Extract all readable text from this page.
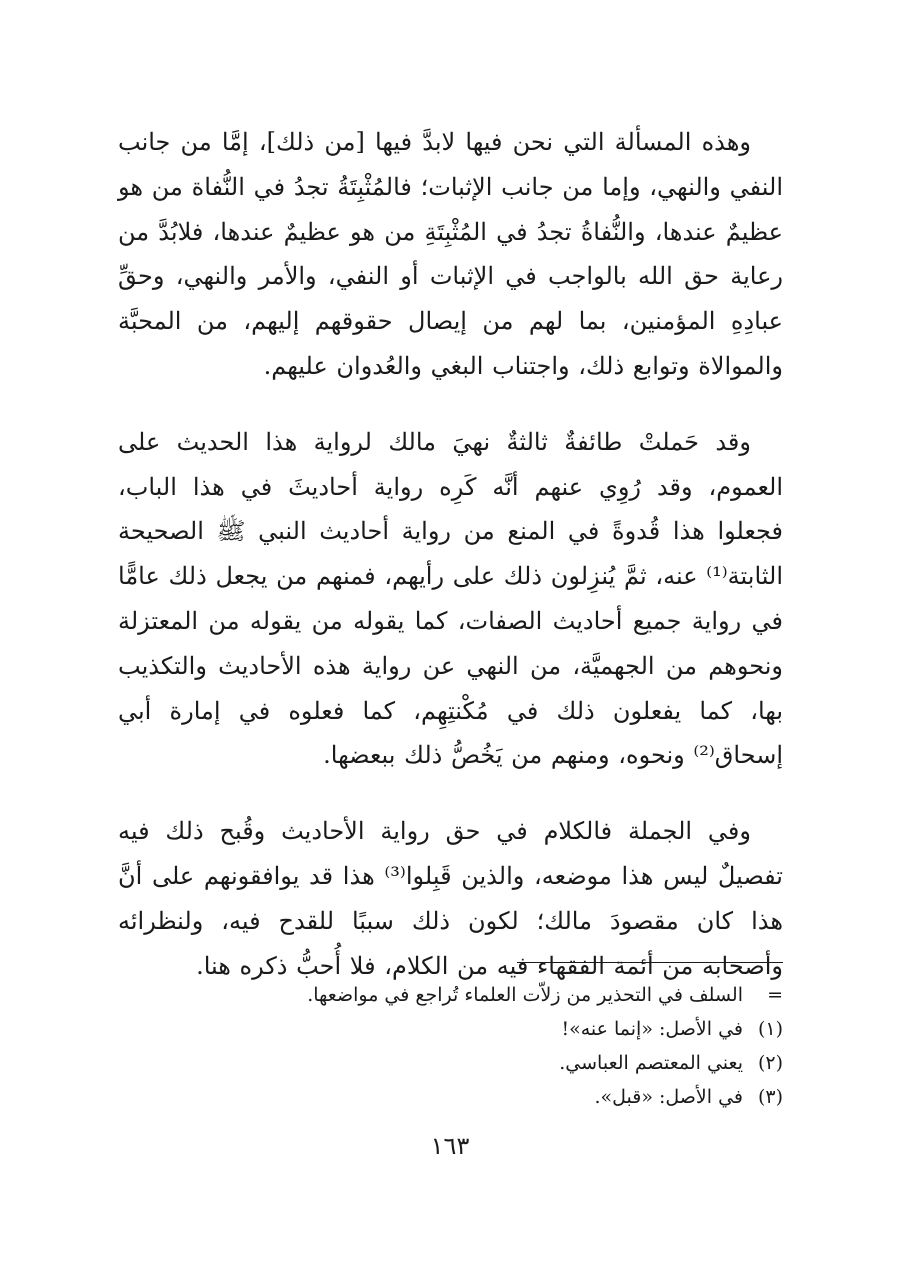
وهذه المسألة التي نحن فيها لابدَّ فيها [من ذلك]، إمَّا من جانب النفي والنهي، وإما من جانب الإثبات؛ فالمُثْبِتَةُ تجدُ في النُّفاة من هو عظيمٌ عندها، والنُّفاةُ تجدُ في المُثْبِتَةِ من هو عظيمٌ عندها، فلابُدَّ من رعاية حق الله بالواجب في الإثبات أو النفي، والأمر والنهي، وحقِّ عبادِهِ المؤمنين، بما لهم من إيصال حقوقهم إليهم، من المحبَّة والموالاة وتوابع ذلك، واجتناب البغي والعُدوان عليهم.

وقد حَملتْ طائفةٌ ثالثةٌ نهيَ مالك لرواية هذا الحديث على العموم، وقد رُوِي عنهم أنَّه كَرِه رواية أحاديثَ في هذا الباب، فجعلوا هذا قُدوةً في المنع من رواية أحاديث النبي ﷺ الصحيحة الثابتة⁽¹⁾ عنه، ثمَّ يُنزِلون ذلك على رأيهم، فمنهم من يجعل ذلك عامًّا في رواية جميع أحاديث الصفات، كما يقوله من يقوله من المعتزلة ونحوهم من الجهميَّة، من النهي عن رواية هذه الأحاديث والتكذيب بها، كما يفعلون ذلك في مُكْنتِهِم، كما فعلوه في إمارة أبي إسحاق⁽²⁾ ونحوه، ومنهم من يَخُصُّ ذلك ببعضها.

وفي الجملة فالكلام في حق رواية الأحاديث وقُبح ذلك فيه تفصيلٌ ليس هذا موضعه، والذين قَبِلوا⁽³⁾ هذا قد يوافقونهم على أنَّ هذا كان مقصودَ مالك؛ لكون ذلك سببًا للقدح فيه، ولنظرائه وأصحابه من أئمة الفقهاء فيه من الكلام، فلا أُحبُّ ذكره هنا.

=
السلف في التحذير من زلاّت العلماء تُراجع في مواضعها.
(١)
في الأصل: «إنما عنه»!
(٢)
يعني المعتصم العباسي.
(٣)
في الأصل: «قبل».
١٦٣
